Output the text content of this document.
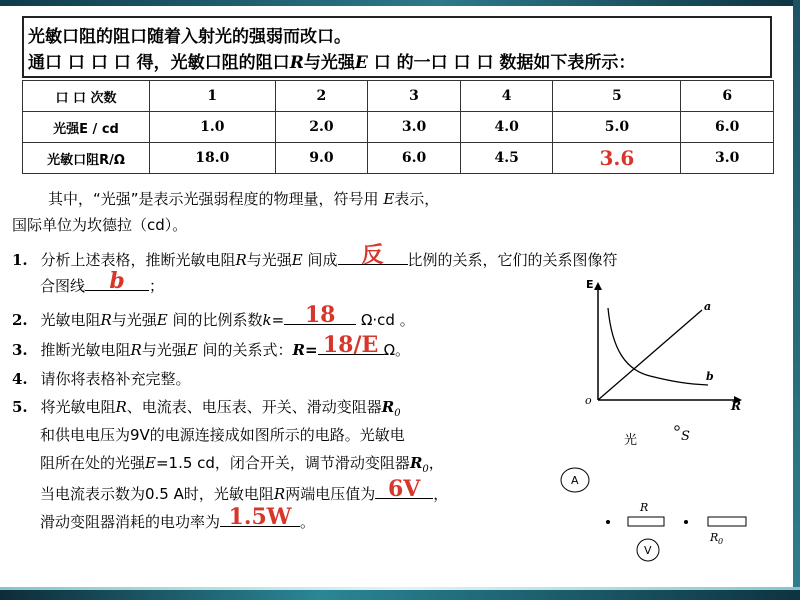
光敏口阻的阻口随着入射光的强弱而改口。
通口 口 口 口 得，光敏口阻的阻口R与光强E 口 的一口 口 口 数据如下表所示：
口 口 次数	1	2	3	4	5	6
光强E / cd	1.0	2.0	3.0	4.0	5.0	6.0
光敏口阻R/Ω	18.0	9.0	6.0	4.5	3.6	3.0
其中，“光强”是表示光强弱程度的物理量，符号用 E表示，
国际单位为坎德拉（cd）。
1. 分析上述表格，推断光敏电阻R与光强E 间成	反	比例的关系，它们的关系图像符
合图线	b	；
2. 光敏电阻R与光强E 间的比例系数k= 18	Ω·cd 。
3. 推断光敏电阻R与光强E 间的关系式：R= 18/E Ω。
4. 请你将表格补充完整。
5. 将光敏电阻R、电流表、电压表、开关、滑动变阻器$R_0$
和供电电压为9V的电源连接成如图所示的电路。光敏电
阻所在处的光强E=1.5 cd，闭合开关，调节滑动变阻器$R_0$，
当电流表示数为0.5 A时，光敏电阻R两端电压值为 6V ，
滑动变阻器消耗的电功率为 1.5W 。
E
R
o
a
b
光	S
R
R 0
V
A
